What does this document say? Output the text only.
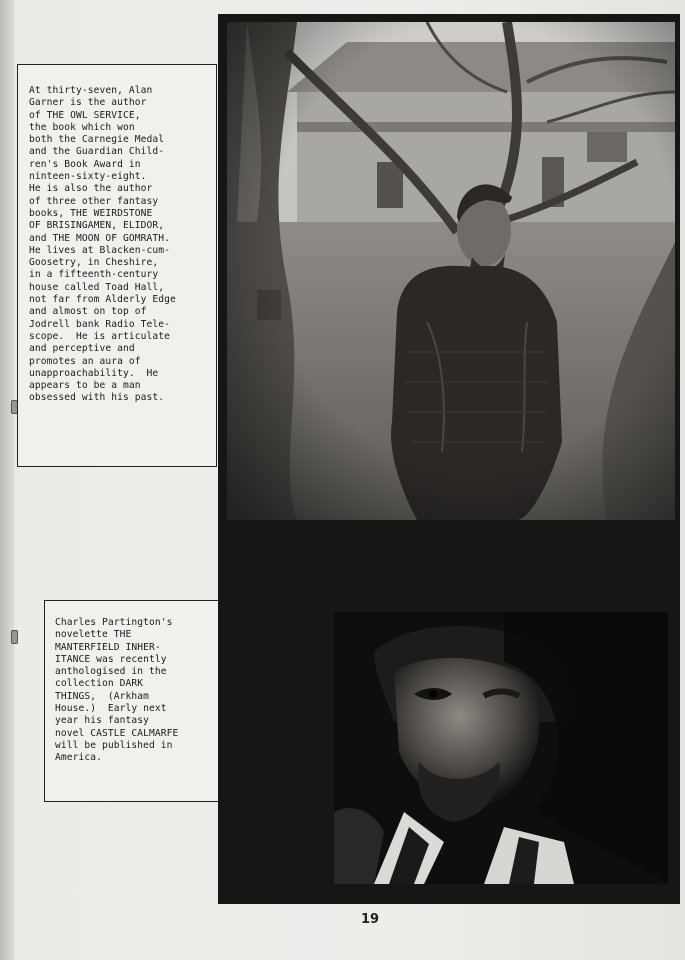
At thirty-seven, Alan

Garner is the author

of THE OWL SERVICE,

the book which won

both the Carnegie Medal

and the Guardian Child-

ren's Book Award in

ninteen-sixty-eight.

He is also the author

of three other fantasy

books, THE WEIRDSTONE

OF BRISINGAMEN, ELIDOR,

and THE MOON OF GOMRATH.

He lives at Blacken-cum-

Goosetry, in Cheshire,

in a fifteenth-century

house called Toad Hall,

not far from Alderly Edge

and almost on top of

Jodrell bank Radio Tele-

scope.  He is articulate

and perceptive and

promotes an aura of

unapproachability.  He

appears to be a man

obsessed with his past.

Charles Partington's

novelette THE

MANTERFIELD INHER-

ITANCE was recently

anthologised in the

collection DARK

THINGS,  (Arkham

House.)  Early next

year his fantasy

novel CASTLE CALMARFE

will be published in

America.

19
